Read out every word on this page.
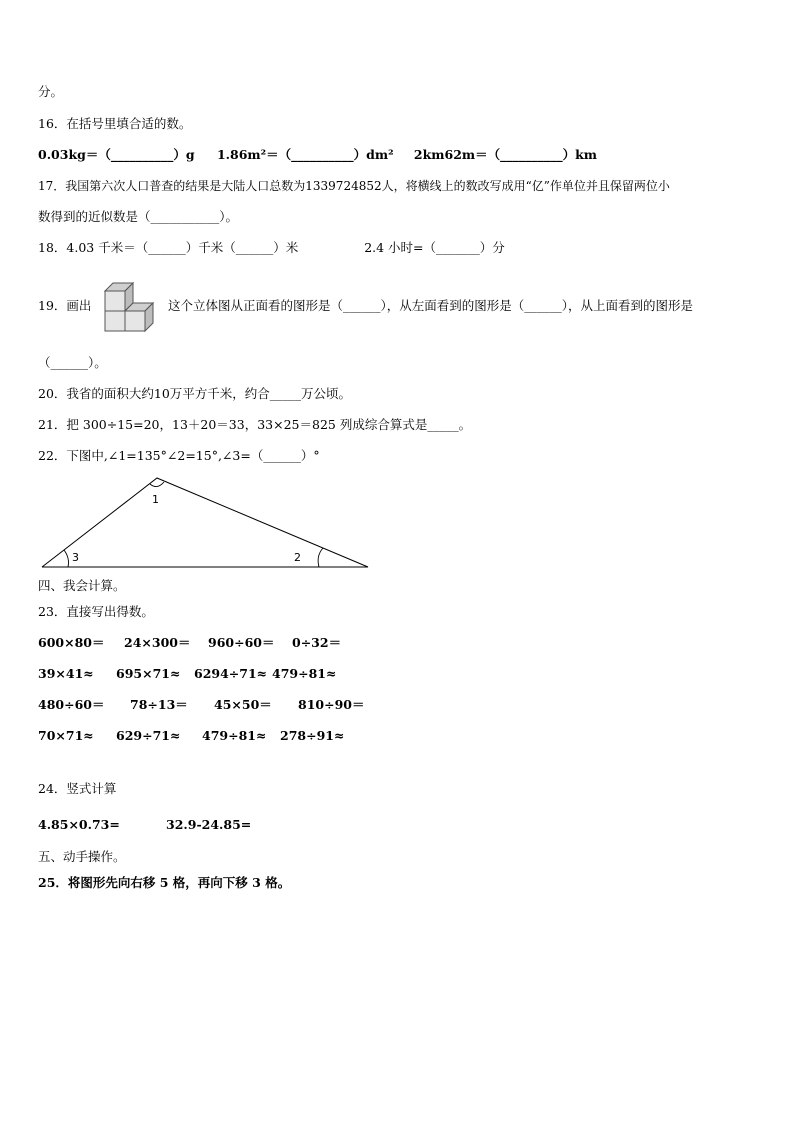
分。
16．在括号里填合适的数。
0.03kg＝（__________）g 1.86m²＝（__________）dm² 2km62m＝（__________）km
17．我国第六次人口普查的结果是大陆人口总数为1339724852人，将横线上的数改写成用“亿”作单位并且保留两位小
数得到的近似数是（___________）。
18．4.03 千米＝（______）千米（______）米	2.4 小时=（_______）分
19．画出	这个立体图从正面看的图形是（______），从左面看到的图形是（______），从上面看到的图形是
（______）。
20．我省的面积大约10万平方千米，约合_____万公顷。
21．把 300÷15=20，13＋20＝33，33×25＝825 列成综合算式是_____。
22．下图中,∠1=135°∠2=15°,∠3=（______）°
1
3	2
四、我会计算。
23．直接写出得数。
600×80＝ 24×300＝ 960÷60＝ 0÷32＝
39×41≈ 695×71≈ 6294÷71≈ 479÷81≈
480÷60＝ 78÷13＝ 45×50＝ 810÷90＝
70×71≈ 629÷71≈ 479÷81≈ 278÷91≈
24．竖式计算
4.85×0.73=	32.9-24.85=
五、动手操作。
25．将图形先向右移 5 格，再向下移 3 格。
